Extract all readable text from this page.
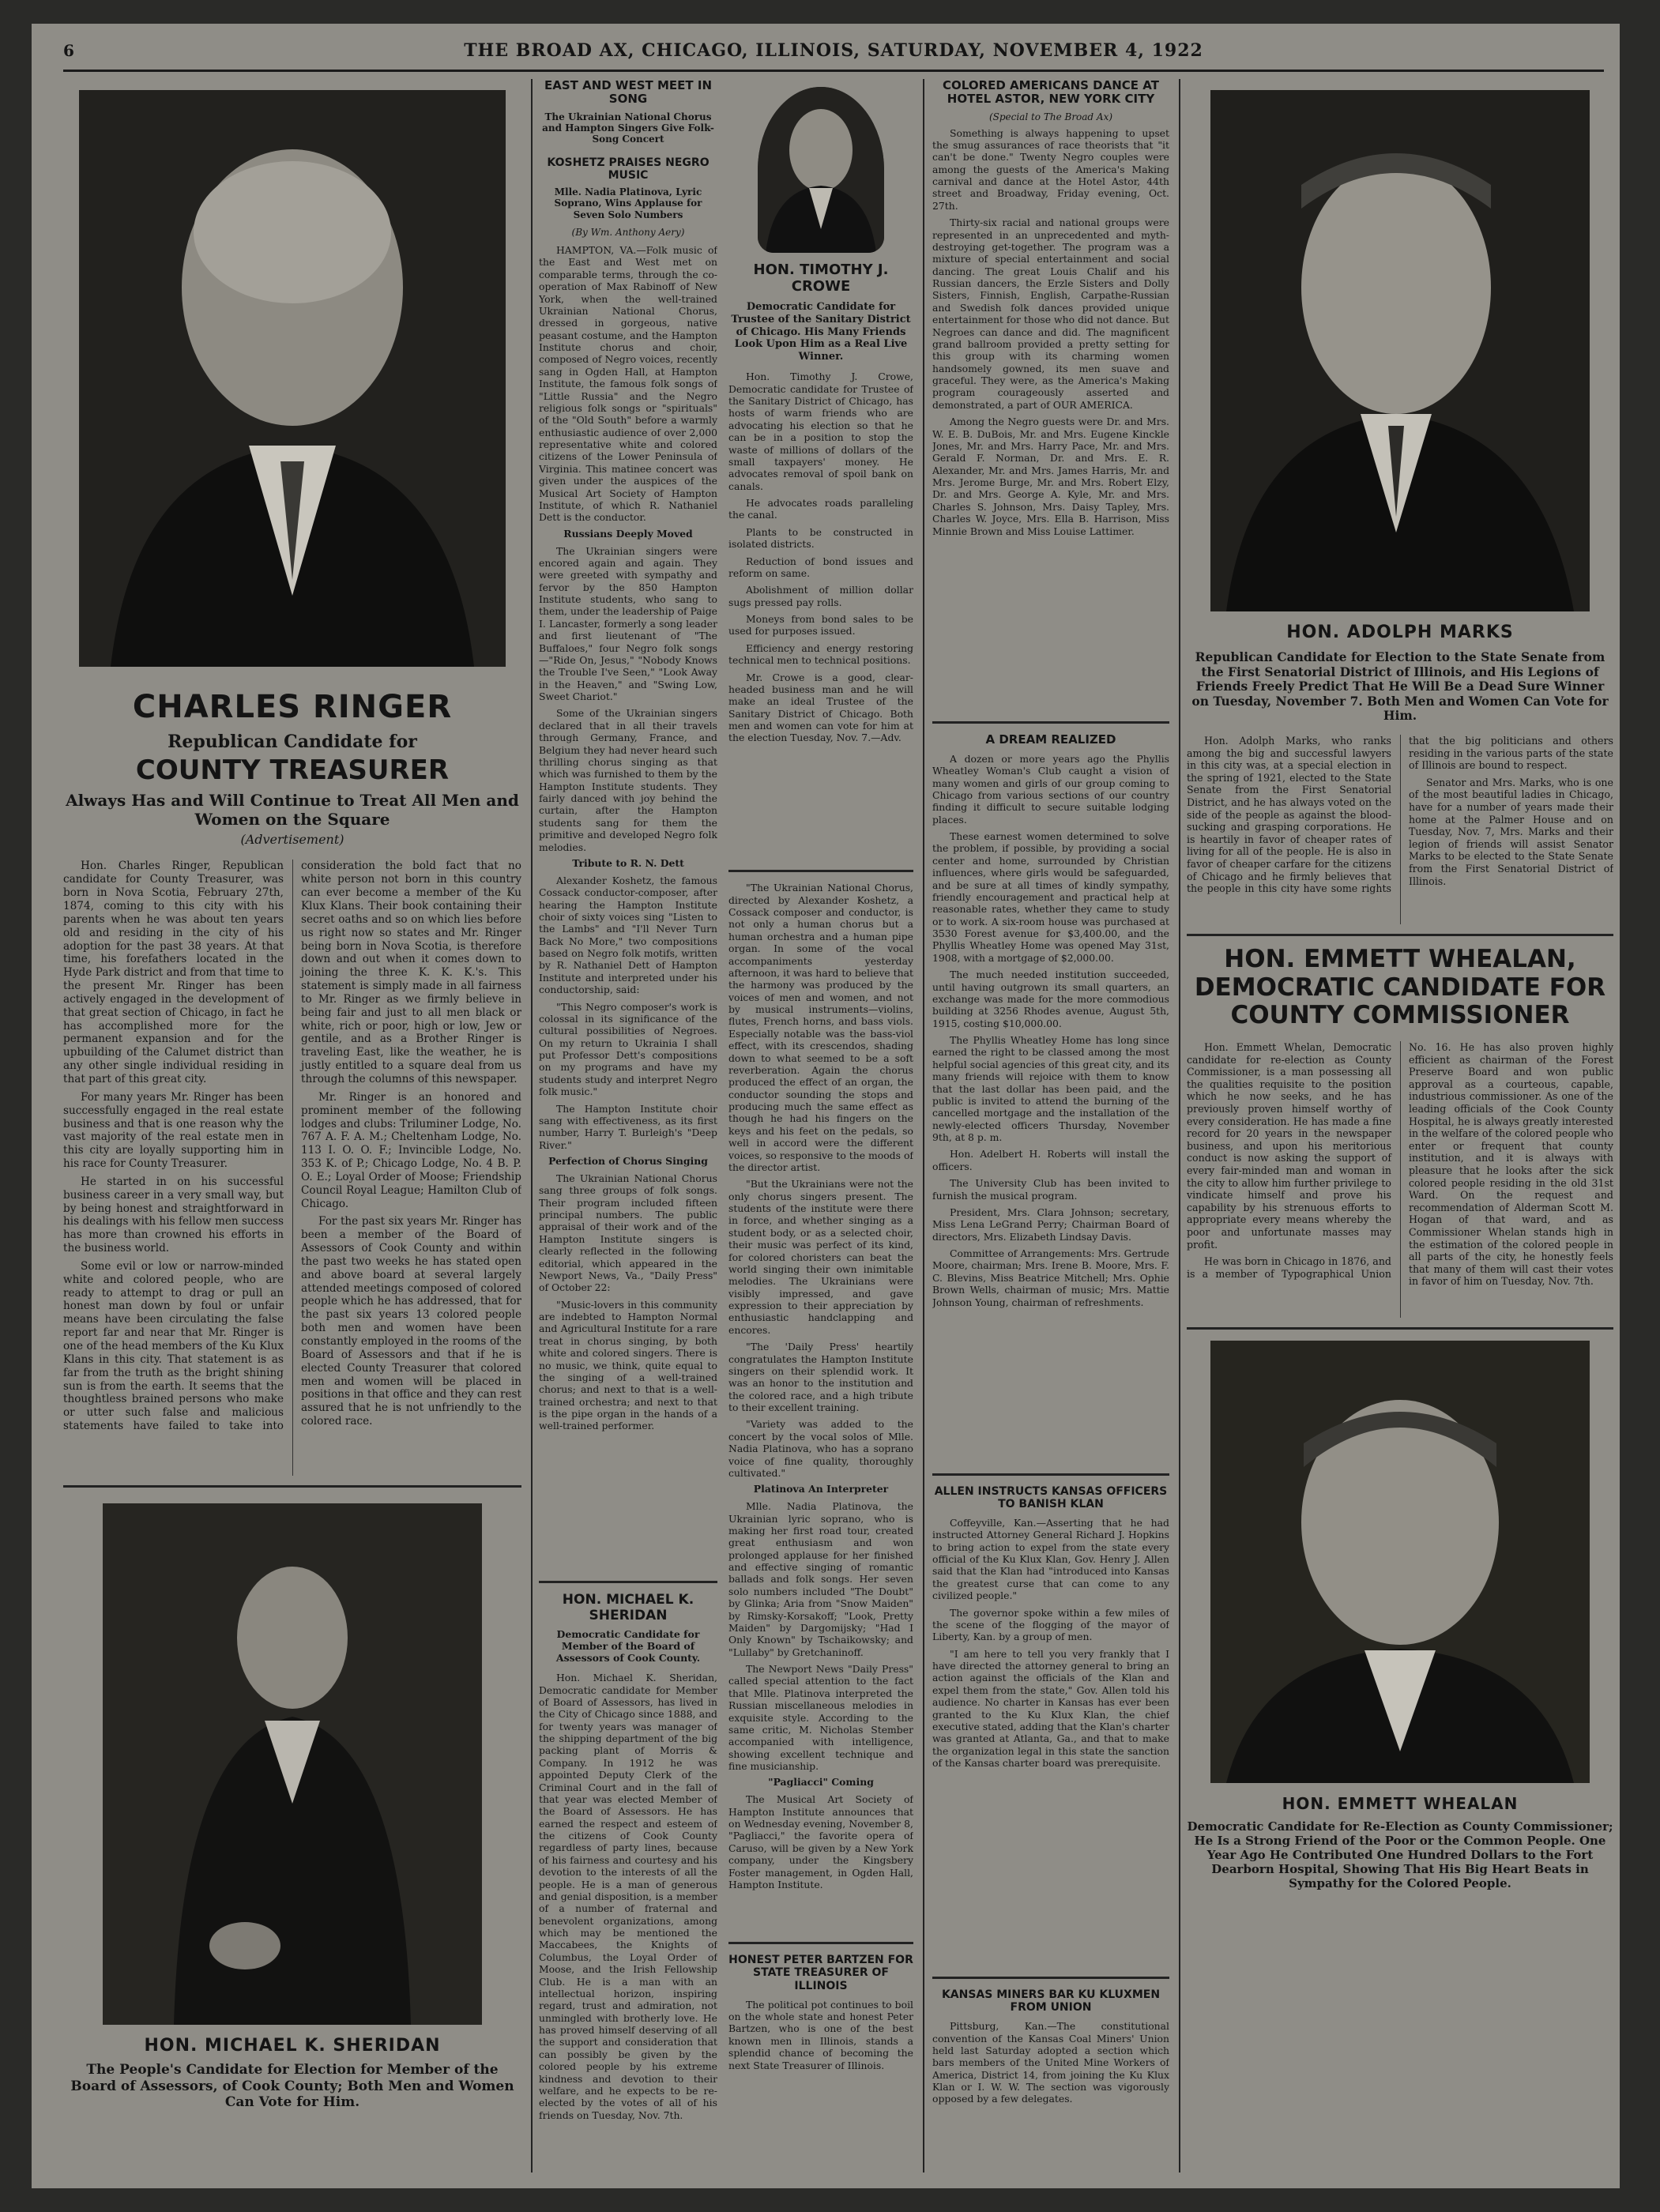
6	THE BROAD AX, CHICAGO, ILLINOIS, SATURDAY, NOVEMBER 4, 1922
CHARLES RINGER
Republican Candidate for
COUNTY TREASURER
Always Has and Will Continue to Treat All Men and Women on the Square
(Advertisement)

Hon. Charles Ringer, Republican candidate for County Treasurer, was born in Nova Scotia, February 27th, 1874, coming to this city with his parents when he was about ten years old and residing in the city of his adoption for the past 38 years. At that time, his forefathers located in the Hyde Park district and from that time to the present Mr. Ringer has been actively engaged in the development of that great section of Chicago, in fact he has accomplished more for the permanent expansion and for the upbuilding of the Calumet district than any other single individual residing in that part of this great city.

For many years Mr. Ringer has been successfully engaged in the real estate business and that is one reason why the vast majority of the real estate men in this city are loyally supporting him in his race for County Treasurer.

He started in on his successful business career in a very small way, but by being honest and straightforward in his dealings with his fellow men success has more than crowned his efforts in the business world.

Some evil or low or narrow-minded white and colored people, who are ready to attempt to drag or pull an honest man down by foul or unfair means have been circulating the false report far and near that Mr. Ringer is one of the head members of the Ku Klux Klans in this city. That statement is as far from the truth as the bright shining sun is from the earth. It seems that the thoughtless brained persons who make or utter such false and malicious statements have failed to take into consideration the bold fact that no white person not born in this country can ever become a member of the Ku Klux Klans. Their book containing their secret oaths and so on which lies before us right now so states and Mr. Ringer being born in Nova Scotia, is therefore down and out when it comes down to joining the three K. K. K.'s. This statement is simply made in all fairness to Mr. Ringer as we firmly believe in being fair and just to all men black or white, rich or poor, high or low, Jew or gentile, and as a Brother Ringer is traveling East, like the weather, he is justly entitled to a square deal from us through the columns of this newspaper.

Mr. Ringer is an honored and prominent member of the following lodges and clubs: Triluminer Lodge, No. 767 A. F. A. M.; Cheltenham Lodge, No. 113 I. O. O. F.; Invincible Lodge, No. 353 K. of P.; Chicago Lodge, No. 4 B. P. O. E.; Loyal Order of Moose; Friendship Council Royal League; Hamilton Club of Chicago.

For the past six years Mr. Ringer has been a member of the Board of Assessors of Cook County and within the past two weeks he has stated open and above board at several largely attended meetings composed of colored people which he has addressed, that for the past six years 13 colored people both men and women have been constantly employed in the rooms of the Board of Assessors and that if he is elected County Treasurer that colored men and women will be placed in positions in that office and they can rest assured that he is not unfriendly to the colored race.

HON. MICHAEL K. SHERIDAN
The People's Candidate for Election for Member of the Board of Assessors, of Cook County; Both Men and Women Can Vote for Him.
EAST AND WEST MEET IN SONG
The Ukrainian National Chorus and Hampton Singers Give Folk-Song Concert
KOSHETZ PRAISES NEGRO MUSIC
Mlle. Nadia Platinova, Lyric Soprano, Wins Applause for Seven Solo Numbers
(By Wm. Anthony Aery)

HAMPTON, VA.—Folk music of the East and West met on comparable terms, through the co-operation of Max Rabinoff of New York, when the well-trained Ukrainian National Chorus, dressed in gorgeous, native peasant costume, and the Hampton Institute chorus and choir, composed of Negro voices, recently sang in Ogden Hall, at Hampton Institute, the famous folk songs of "Little Russia" and the Negro religious folk songs or "spirituals" of the "Old South" before a warmly enthusiastic audience of over 2,000 representative white and colored citizens of the Lower Peninsula of Virginia. This matinee concert was given under the auspices of the Musical Art Society of Hampton Institute, of which R. Nathaniel Dett is the conductor.

Russians Deeply Moved

The Ukrainian singers were encored again and again. They were greeted with sympathy and fervor by the 850 Hampton Institute students, who sang to them, under the leadership of Paige I. Lancaster, formerly a song leader and first lieutenant of "The Buffaloes," four Negro folk songs—"Ride On, Jesus," "Nobody Knows the Trouble I've Seen," "Look Away in the Heaven," and "Swing Low, Sweet Chariot."

Some of the Ukrainian singers declared that in all their travels through Germany, France, and Belgium they had never heard such thrilling chorus singing as that which was furnished to them by the Hampton Institute students. They fairly danced with joy behind the curtain, after the Hampton students sang for them the primitive and developed Negro folk melodies.

Tribute to R. N. Dett

Alexander Koshetz, the famous Cossack conductor-composer, after hearing the Hampton Institute choir of sixty voices sing "Listen to the Lambs" and "I'll Never Turn Back No More," two compositions based on Negro folk motifs, written by R. Nathaniel Dett of Hampton Institute and interpreted under his conductorship, said:

"This Negro composer's work is colossal in its significance of the cultural possibilities of Negroes. On my return to Ukrainia I shall put Professor Dett's compositions on my programs and have my students study and interpret Negro folk music."

The Hampton Institute choir sang with effectiveness, as its first number, Harry T. Burleigh's "Deep River."

Perfection of Chorus Singing

The Ukrainian National Chorus sang three groups of folk songs. Their program included fifteen principal numbers. The public appraisal of their work and of the Hampton Institute singers is clearly reflected in the following editorial, which appeared in the Newport News, Va., "Daily Press" of October 22:

"Music-lovers in this community are indebted to Hampton Normal and Agricultural Institute for a rare treat in chorus singing, by both white and colored singers. There is no music, we think, quite equal to the singing of a well-trained chorus; and next to that is a well-trained orchestra; and next to that is the pipe organ in the hands of a well-trained performer.

HON. MICHAEL K. SHERIDAN
Democratic Candidate for Member of the Board of Assessors of Cook County.

Hon. Michael K. Sheridan, Democratic candidate for Member of Board of Assessors, has lived in the City of Chicago since 1888, and for twenty years was manager of the shipping department of the big packing plant of Morris & Company. In 1912 he was appointed Deputy Clerk of the Criminal Court and in the fall of that year was elected Member of the Board of Assessors. He has earned the respect and esteem of the citizens of Cook County regardless of party lines, because of his fairness and courtesy and his devotion to the interests of all the people. He is a man of generous and genial disposition, is a member of a number of fraternal and benevolent organizations, among which may be mentioned the Maccabees, the Knights of Columbus, the Loyal Order of Moose, and the Irish Fellowship Club. He is a man with an intellectual horizon, inspiring regard, trust and admiration, not unmingled with brotherly love. He has proved himself deserving of all the support and consideration that can possibly be given by the colored people by his extreme kindness and devotion to their welfare, and he expects to be re-elected by the votes of all of his friends on Tuesday, Nov. 7th.

HON. TIMOTHY J. CROWE
Democratic Candidate for Trustee of the Sanitary District of Chicago. His Many Friends Look Upon Him as a Real Live Winner.

Hon. Timothy J. Crowe, Democratic candidate for Trustee of the Sanitary District of Chicago, has hosts of warm friends who are advocating his election so that he can be in a position to stop the waste of millions of dollars of the small taxpayers' money. He advocates removal of spoil bank on canals.

He advocates roads paralleling the canal.

Plants to be constructed in isolated districts.

Reduction of bond issues and reform on same.

Abolishment of million dollar sugs pressed pay rolls.

Moneys from bond sales to be used for purposes issued.

Efficiency and energy restoring technical men to technical positions.

Mr. Crowe is a good, clear-headed business man and he will make an ideal Trustee of the Sanitary District of Chicago. Both men and women can vote for him at the election Tuesday, Nov. 7.—Adv.

"The Ukrainian National Chorus, directed by Alexander Koshetz, a Cossack composer and conductor, is not only a human chorus but a human orchestra and a human pipe organ. In some of the vocal accompaniments yesterday afternoon, it was hard to believe that the harmony was produced by the voices of men and women, and not by musical instruments—violins, flutes, French horns, and bass viols. Especially notable was the bass-viol effect, with its crescendos, shading down to what seemed to be a soft reverberation. Again the chorus produced the effect of an organ, the conductor sounding the stops and producing much the same effect as though he had his fingers on the keys and his feet on the pedals, so well in accord were the different voices, so responsive to the moods of the director artist.

"But the Ukrainians were not the only chorus singers present. The students of the institute were there in force, and whether singing as a student body, or as a selected choir, their music was perfect of its kind, for colored choristers can beat the world singing their own inimitable melodies. The Ukrainians were visibly impressed, and gave expression to their appreciation by enthusiastic handclapping and encores.

"The 'Daily Press' heartily congratulates the Hampton Institute singers on their splendid work. It was an honor to the institution and the colored race, and a high tribute to their excellent training.

"Variety was added to the concert by the vocal solos of Mlle. Nadia Platinova, who has a soprano voice of fine quality, thoroughly cultivated."

Platinova An Interpreter

Mlle. Nadia Platinova, the Ukrainian lyric soprano, who is making her first road tour, created great enthusiasm and won prolonged applause for her finished and effective singing of romantic ballads and folk songs. Her seven solo numbers included "The Doubt" by Glinka; Aria from "Snow Maiden" by Rimsky-Korsakoff; "Look, Pretty Maiden" by Dargomijsky; "Had I Only Known" by Tschaikowsky; and "Lullaby" by Gretchaninoff.

The Newport News "Daily Press" called special attention to the fact that Mlle. Platinova interpreted the Russian miscellaneous melodies in exquisite style. According to the same critic, M. Nicholas Stember accompanied with intelligence, showing excellent technique and fine musicianship.

"Pagliacci" Coming

The Musical Art Society of Hampton Institute announces that on Wednesday evening, November 8, "Pagliacci," the favorite opera of Caruso, will be given by a New York company, under the Kingsbery Foster management, in Ogden Hall, Hampton Institute.

HONEST PETER BARTZEN FOR STATE TREASURER OF ILLINOIS

The political pot continues to boil on the whole state and honest Peter Bartzen, who is one of the best known men in Illinois, stands a splendid chance of becoming the next State Treasurer of Illinois.

COLORED AMERICANS DANCE AT HOTEL ASTOR, NEW YORK CITY
(Special to The Broad Ax)

Something is always happening to upset the smug assurances of race theorists that "it can't be done." Twenty Negro couples were among the guests of the America's Making carnival and dance at the Hotel Astor, 44th street and Broadway, Friday evening, Oct. 27th.

Thirty-six racial and national groups were represented in an unprecedented and myth-destroying get-together. The program was a mixture of special entertainment and social dancing. The great Louis Chalif and his Russian dancers, the Erzle Sisters and Dolly Sisters, Finnish, English, Carpathe-Russian and Swedish folk dances provided unique entertainment for those who did not dance. But Negroes can dance and did. The magnificent grand ballroom provided a pretty setting for this group with its charming women handsomely gowned, its men suave and graceful. They were, as the America's Making program courageously asserted and demonstrated, a part of OUR AMERICA.

Among the Negro guests were Dr. and Mrs. W. E. B. DuBois, Mr. and Mrs. Eugene Kinckle Jones, Mr. and Mrs. Harry Pace, Mr. and Mrs. Gerald F. Norman, Dr. and Mrs. E. R. Alexander, Mr. and Mrs. James Harris, Mr. and Mrs. Jerome Burge, Mr. and Mrs. Robert Elzy, Dr. and Mrs. George A. Kyle, Mr. and Mrs. Charles S. Johnson, Mrs. Daisy Tapley, Mrs. Charles W. Joyce, Mrs. Ella B. Harrison, Miss Minnie Brown and Miss Louise Lattimer.

A DREAM REALIZED

A dozen or more years ago the Phyllis Wheatley Woman's Club caught a vision of many women and girls of our group coming to Chicago from various sections of our country finding it difficult to secure suitable lodging places.

These earnest women determined to solve the problem, if possible, by providing a social center and home, surrounded by Christian influences, where girls would be safeguarded, and be sure at all times of kindly sympathy, friendly encouragement and practical help at reasonable rates, whether they came to study or to work. A six-room house was purchased at 3530 Forest avenue for $3,400.00, and the Phyllis Wheatley Home was opened May 31st, 1908, with a mortgage of $2,000.00.

The much needed institution succeeded, until having outgrown its small quarters, an exchange was made for the more commodious building at 3256 Rhodes avenue, August 5th, 1915, costing $10,000.00.

The Phyllis Wheatley Home has long since earned the right to be classed among the most helpful social agencies of this great city, and its many friends will rejoice with them to know that the last dollar has been paid, and the public is invited to attend the burning of the cancelled mortgage and the installation of the newly-elected officers Thursday, November 9th, at 8 p. m.

Hon. Adelbert H. Roberts will install the officers.

The University Club has been invited to furnish the musical program.

President, Mrs. Clara Johnson; secretary, Miss Lena LeGrand Perry; Chairman Board of directors, Mrs. Elizabeth Lindsay Davis.

Committee of Arrangements: Mrs. Gertrude Moore, chairman; Mrs. Irene B. Moore, Mrs. F. C. Blevins, Miss Beatrice Mitchell; Mrs. Ophie Brown Wells, chairman of music; Mrs. Mattie Johnson Young, chairman of refreshments.

ALLEN INSTRUCTS KANSAS OFFICERS TO BANISH KLAN

Coffeyville, Kan.—Asserting that he had instructed Attorney General Richard J. Hopkins to bring action to expel from the state every official of the Ku Klux Klan, Gov. Henry J. Allen said that the Klan had "introduced into Kansas the greatest curse that can come to any civilized people."

The governor spoke within a few miles of the scene of the flogging of the mayor of Liberty, Kan. by a group of men.

"I am here to tell you very frankly that I have directed the attorney general to bring an action against the officials of the Klan and expel them from the state," Gov. Allen told his audience. No charter in Kansas has ever been granted to the Ku Klux Klan, the chief executive stated, adding that the Klan's charter was granted at Atlanta, Ga., and that to make the organization legal in this state the sanction of the Kansas charter board was prerequisite.

KANSAS MINERS BAR KU KLUXMEN FROM UNION

Pittsburg, Kan.—The constitutional convention of the Kansas Coal Miners' Union held last Saturday adopted a section which bars members of the United Mine Workers of America, District 14, from joining the Ku Klux Klan or I. W. W. The section was vigorously opposed by a few delegates.

HON. ADOLPH MARKS
Republican Candidate for Election to the State Senate from the First Senatorial District of Illinois, and His Legions of Friends Freely Predict That He Will Be a Dead Sure Winner on Tuesday, November 7. Both Men and Women Can Vote for Him.

Hon. Adolph Marks, who ranks among the big and successful lawyers in this city was, at a special election in the spring of 1921, elected to the State Senate from the First Senatorial District, and he has always voted on the side of the people as against the blood-sucking and grasping corporations. He is heartily in favor of cheaper rates of living for all of the people. He is also in favor of cheaper carfare for the citizens of Chicago and he firmly believes that the people in this city have some rights that the big politicians and others residing in the various parts of the state of Illinois are bound to respect.

Senator and Mrs. Marks, who is one of the most beautiful ladies in Chicago, have for a number of years made their home at the Palmer House and on Tuesday, Nov. 7, Mrs. Marks and their legion of friends will assist Senator Marks to be elected to the State Senate from the First Senatorial District of Illinois.

HON. EMMETT WHEALAN, DEMOCRATIC CANDIDATE FOR COUNTY COMMISSIONER

Hon. Emmett Whelan, Democratic candidate for re-election as County Commissioner, is a man possessing all the qualities requisite to the position which he now seeks, and he has previously proven himself worthy of every consideration. He has made a fine record for 20 years in the newspaper business, and upon his meritorious conduct is now asking the support of every fair-minded man and woman in the city to allow him further privilege to vindicate himself and prove his capability by his strenuous efforts to appropriate every means whereby the poor and unfortunate masses may profit.

He was born in Chicago in 1876, and is a member of Typographical Union No. 16. He has also proven highly efficient as chairman of the Forest Preserve Board and won public approval as a courteous, capable, industrious commissioner. As one of the leading officials of the Cook County Hospital, he is always greatly interested in the welfare of the colored people who enter or frequent that county institution, and it is always with pleasure that he looks after the sick colored people residing in the old 31st Ward. On the request and recommendation of Alderman Scott M. Hogan of that ward, and as Commissioner Whelan stands high in the estimation of the colored people in all parts of the city, he honestly feels that many of them will cast their votes in favor of him on Tuesday, Nov. 7th.

HON. EMMETT WHEALAN
Democratic Candidate for Re-Election as County Commissioner; He Is a Strong Friend of the Poor or the Common People. One Year Ago He Contributed One Hundred Dollars to the Fort Dearborn Hospital, Showing That His Big Heart Beats in Sympathy for the Colored People.
